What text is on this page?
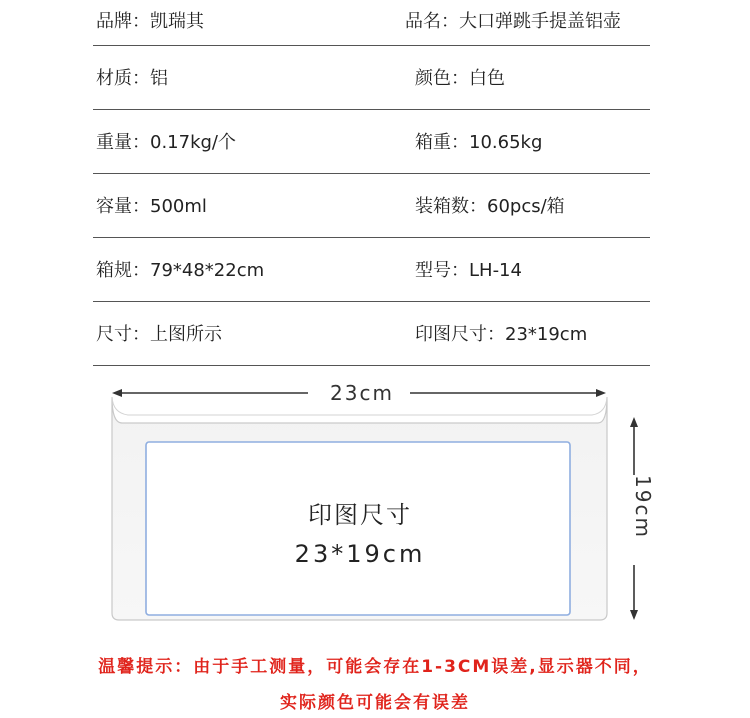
品牌 ： 凯瑞其	品名 ： 大口弹跳手提盖铝壶
材质 ： 铝	颜色 ： 白色
重量 ： 0.17kg/个	箱重 ： 10.65kg
容量 ： 500ml	装箱数 ： 60pcs/箱
箱规 ： 79*48*22cm	型号 ： LH-14
尺寸 ： 上图所示	印图尺寸 ： 23*19cm
23cm
19cm
印图尺寸
23*19cm
温馨提示：由于手工测量，可能会存在1-3CM误差,显示器不同，
实际颜色可能会有误差
